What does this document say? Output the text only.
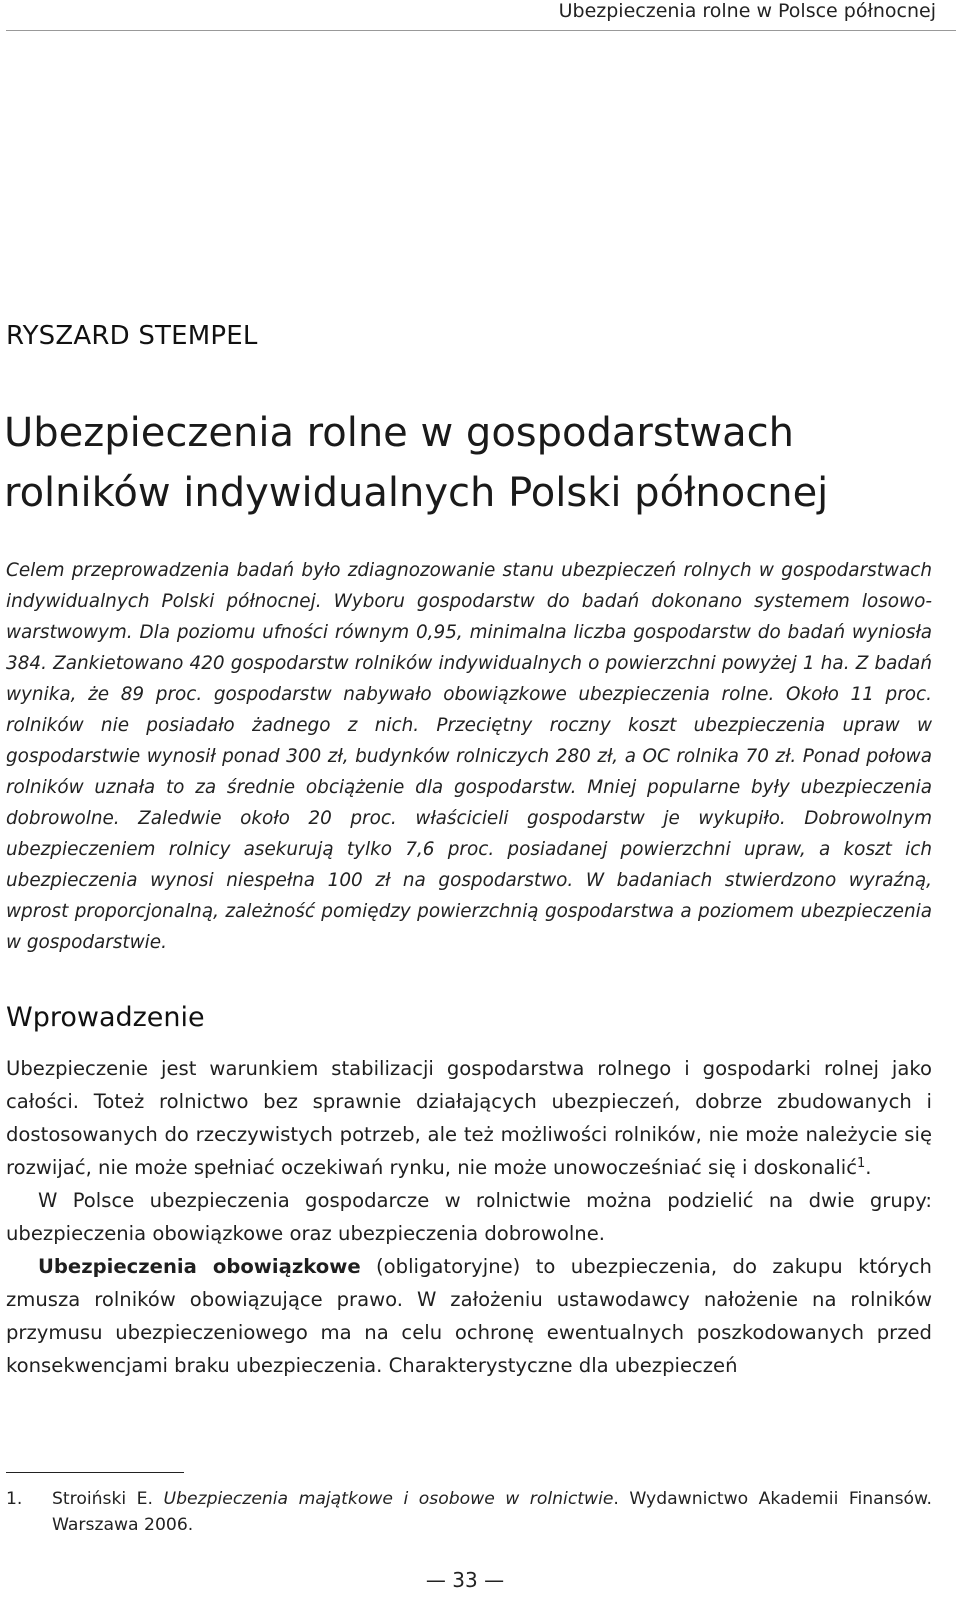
Ubezpieczenia rolne w Polsce północnej
RYSZARD STEMPEL
Ubezpieczenia rolne w gospodarstwach
rolników indywidualnych Polski północnej

Celem przeprowadzenia badań było zdiagnozowanie stanu ubezpieczeń rolnych w gospodarstwach indywidualnych Polski północnej. Wyboru gospodarstw do badań dokonano systemem losowo-warstwowym. Dla poziomu ufności równym 0,95, minimalna liczba gospodarstw do badań wyniosła 384. Zankietowano 420 gospodarstw rolników indywidualnych o powierzchni powyżej 1 ha. Z badań wynika, że 89 proc. gospodarstw nabywało obowiązkowe ubezpieczenia rolne. Około 11 proc. rolników nie posiadało żadnego z nich. Przeciętny roczny koszt ubezpieczenia upraw w gospodarstwie wynosił ponad 300 zł, budynków rolniczych 280 zł, a OC rolnika 70 zł. Ponad połowa rolników uznała to za średnie obciążenie dla gospodarstw. Mniej popularne były ubezpieczenia dobrowolne. Zaledwie około 20 proc. właścicieli gospodarstw je wykupiło. Dobrowolnym ubezpieczeniem rolnicy asekurują tylko 7,6 proc. posiadanej powierzchni upraw, a koszt ich ubezpieczenia wynosi niespełna 100 zł na gospodarstwo. W badaniach stwierdzono wyraźną, wprost proporcjonalną, zależność pomiędzy powierzchnią gospodarstwa a poziomem ubezpieczenia w gospodarstwie.

Wprowadzenie

Ubezpieczenie jest warunkiem stabilizacji gospodarstwa rolnego i gospodarki rolnej jako całości. Toteż rolnictwo bez sprawnie działających ubezpieczeń, dobrze zbudowanych i dostosowanych do rzeczywistych potrzeb, ale też możliwości rolników, nie może należycie się rozwijać, nie może spełniać oczekiwań rynku, nie może unowocześniać się i doskonalić$^1$.

W Polsce ubezpieczenia gospodarcze w rolnictwie można podzielić na dwie grupy: ubezpieczenia obowiązkowe oraz ubezpieczenia dobrowolne.

Ubezpieczenia obowiązkowe (obligatoryjne) to ubezpieczenia, do zakupu których zmusza rolników obowiązujące prawo. W założeniu ustawodawcy nałożenie na rolników przymusu ubezpieczeniowego ma na celu ochronę ewentualnych poszkodowanych przed konsekwencjami braku ubezpieczenia. Charakterystyczne dla ubezpieczeń

1. Stroiński E. Ubezpieczenia majątkowe i osobowe w rolnictwie. Wydawnictwo Akademii Finansów. Warszawa 2006.
— 33 —
